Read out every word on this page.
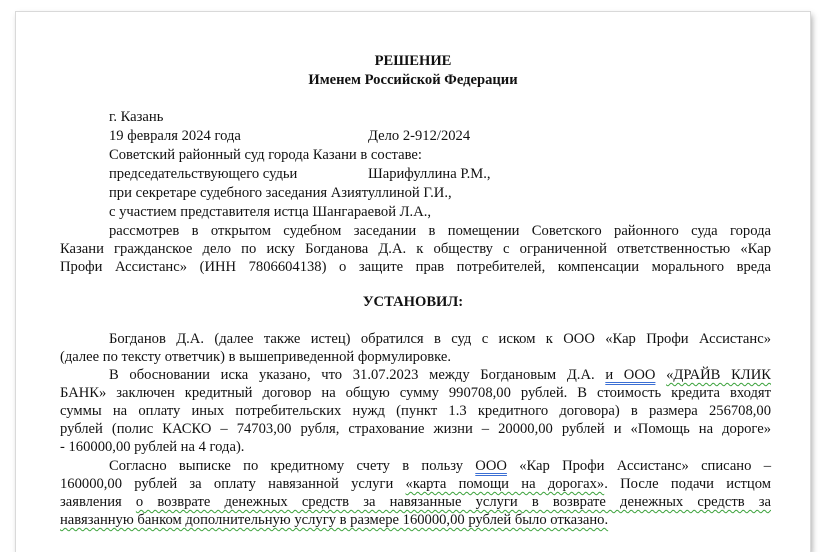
РЕШЕНИЕ
Именем Российской Федерации
г. Казань
19 февраля 2024 года	Дело 2-912/2024
Советский районный суд города Казани в составе:
председательствующего судьи	Шарифуллина Р.М.,
при секретаре судебного заседания Азиятуллиной Г.И.,
с участием представителя истца Шангараевой Л.А.,
рассмотрев в открытом судебном заседании в помещении Советского районного суда города
Казани гражданское дело по иску Богданова Д.А. к обществу с ограниченной ответственностью «Кар
Профи Ассистанс» (ИНН 7806604138) о защите прав потребителей, компенсации морального вреда
УСТАНОВИЛ:
Богданов Д.А. (далее также истец) обратился в суд с иском к ООО «Кар Профи Ассистанс»
(далее по тексту ответчик) в вышеприведенной формулировке.
В обосновании иска указано, что 31.07.2023 между Богдановым Д.А. и ООО «ДРАЙВ КЛИК
БАНК» заключен кредитный договор на общую сумму 990708,00 рублей. В стоимость кредита входят
суммы на оплату иных потребительских нужд (пункт 1.3 кредитного договора) в размера 256708,00
рублей (полис КАСКО – 74703,00 рубля, страхование жизни – 20000,00 рублей и «Помощь на дороге»
- 160000,00 рублей на 4 года).
Согласно выписке по кредитному счету в пользу ООО «Кар Профи Ассистанс» списано –
160000,00 рублей за оплату навязанной услуги «карта помощи на дорогах». После подачи истцом
заявления о возврате денежных средств за навязанные услуги в возврате денежных средств за
навязанную банком дополнительную услугу в размере 160000,00 рублей было отказано.
